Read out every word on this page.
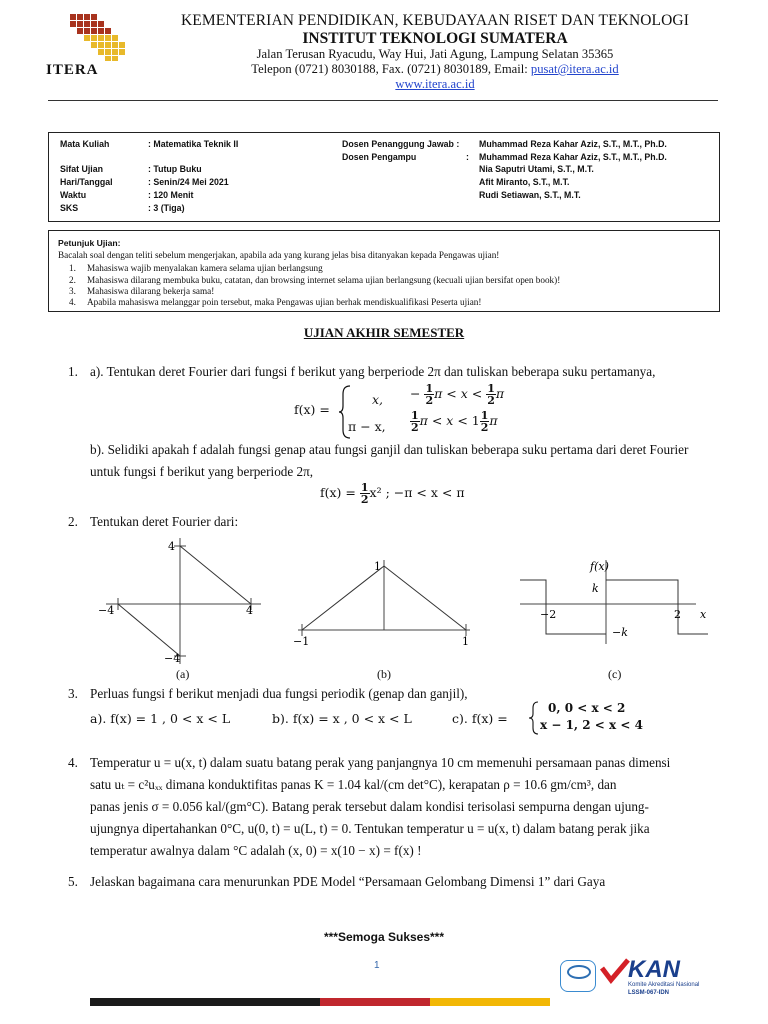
ITERA
KEMENTERIAN PENDIDIKAN, KEBUDAYAAN RISET DAN TEKNOLOGI
INSTITUT TEKNOLOGI SUMATERA
Jalan Terusan Ryacudu, Way Hui, Jati Agung, Lampung Selatan 35365
Telepon (0721) 8030188, Fax. (0721) 8030189, Email: pusat@itera.ac.id
www.itera.ac.id
Mata Kuliah	: Matematika Teknik II
Sifat Ujian	: Tutup Buku
Hari/Tanggal	: Senin/24 Mei 2021
Waktu	: 120 Menit
SKS	: 3 (Tiga)
Dosen Penanggung Jawab : Muhammad Reza Kahar Aziz, S.T., M.T., Ph.D.
Dosen Pengampu	: Muhammad Reza Kahar Aziz, S.T., M.T., Ph.D.
Nia Saputri Utami, S.T., M.T.
Afit Miranto, S.T., M.T.
Rudi Setiawan, S.T., M.T.
Petunjuk Ujian:
Bacalah soal dengan teliti sebelum mengerjakan, apabila ada yang kurang jelas bisa ditanyakan kepada Pengawas ujian!
1. Mahasiswa wajib menyalakan kamera selama ujian berlangsung
2. Mahasiswa dilarang membuka buku, catatan, dan browsing internet selama ujian berlangsung (kecuali ujian bersifat open book)!
3. Mahasiswa dilarang bekerja sama!
4. Apabila mahasiswa melanggar poin tersebut, maka Pengawas ujian berhak mendiskualifikasi Peserta ujian!
UJIAN AKHIR SEMESTER
1. a). Tentukan deret Fourier dari fungsi f berikut yang berperiode 2π dan tuliskan beberapa suku pertamanya,
f(x) =
x, − $\frac{1}{2}$ $\pi < x < \frac{1}{2}$ π
π − x, $\frac{1}{2}$ $\pi < x < 1 \frac{1}{2}$ π
b). Selidiki apakah f adalah fungsi genap atau fungsi ganjil dan tuliskan beberapa suku pertama dari deret Fourier
untuk fungsi f berikut yang berperiode 2π,
$f(x) = \frac{1}{2} x^2$ ; −π < x < π
2. Tentukan deret Fourier dari:
4
−4	4
−4
(a)
1
−1	1
(b)
f(x)
k
−2	2 x
−k
(c)
3. Perluas fungsi f berikut menjadi dua fungsi periodik (genap dan ganjil),
a). f(x) = 1 , 0 < x < L	b). f(x) = x , 0 < x < L	c). f(x) =
0, 0 < x < 2
x − 1, 2 < x < 4
4. Temperatur u = u(x, t) dalam suatu batang perak yang panjangnya 10 cm memenuhi persamaan panas dimensi
satu uₜ = c²uₓₓ dimana konduktifitas panas K = 1.04 kal/(cm det°C), kerapatan ρ = 10.6 gm/cm³, dan
panas jenis σ = 0.056 kal/(gm°C). Batang perak tersebut dalam kondisi terisolasi sempurna dengan ujung-
ujungnya dipertahankan 0°C, u(0, t) = u(L, t) = 0. Tentukan temperatur u = u(x, t) dalam batang perak jika
temperatur awalnya dalam °C adalah (x, 0) = x(10 − x) = f(x) !
5. Jelaskan bagaimana cara menurunkan PDE Model “Persamaan Gelombang Dimensi 1” dari Gaya
***Semoga Sukses***
1	KAN
Komite Akreditasi Nasional
LSSM-067-IDN
